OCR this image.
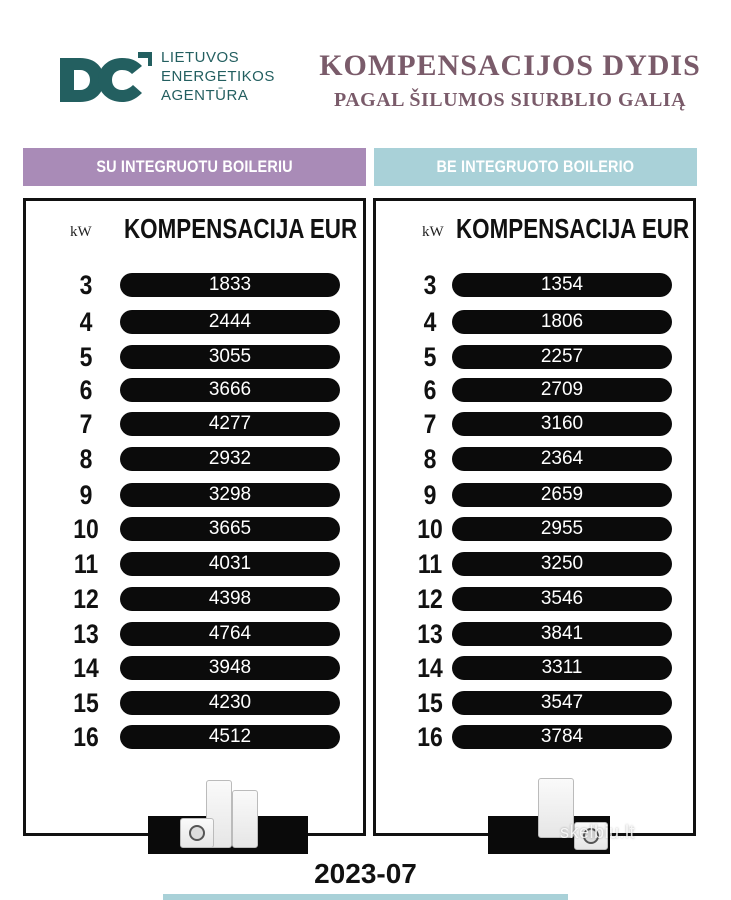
LIETUVOS
ENERGETIKOS
AGENTŪRA
KOMPENSACIJOS DYDIS
PAGAL ŠILUMOS SIURBLIO GALIĄ
SU INTEGRUOTU BOILERIU	BE INTEGRUOTO BOILERIO
kW KOMPENSACIJA EUR
3	1833
4	2444
5	3055
6	3666
7	4277
8	2932
9	3298
10	3665
11	4031
12	4398
13	4764
14	3948
15	4230
16	4512
kW KOMPENSACIJA EUR
3	1354
4	1806
5	2257
6	2709
7	3160
8	2364
9	2659
10	2955
11	3250
12	3546
13	3841
14	3311
15	3547
16	3784
skelbiu.lt
2023-07
